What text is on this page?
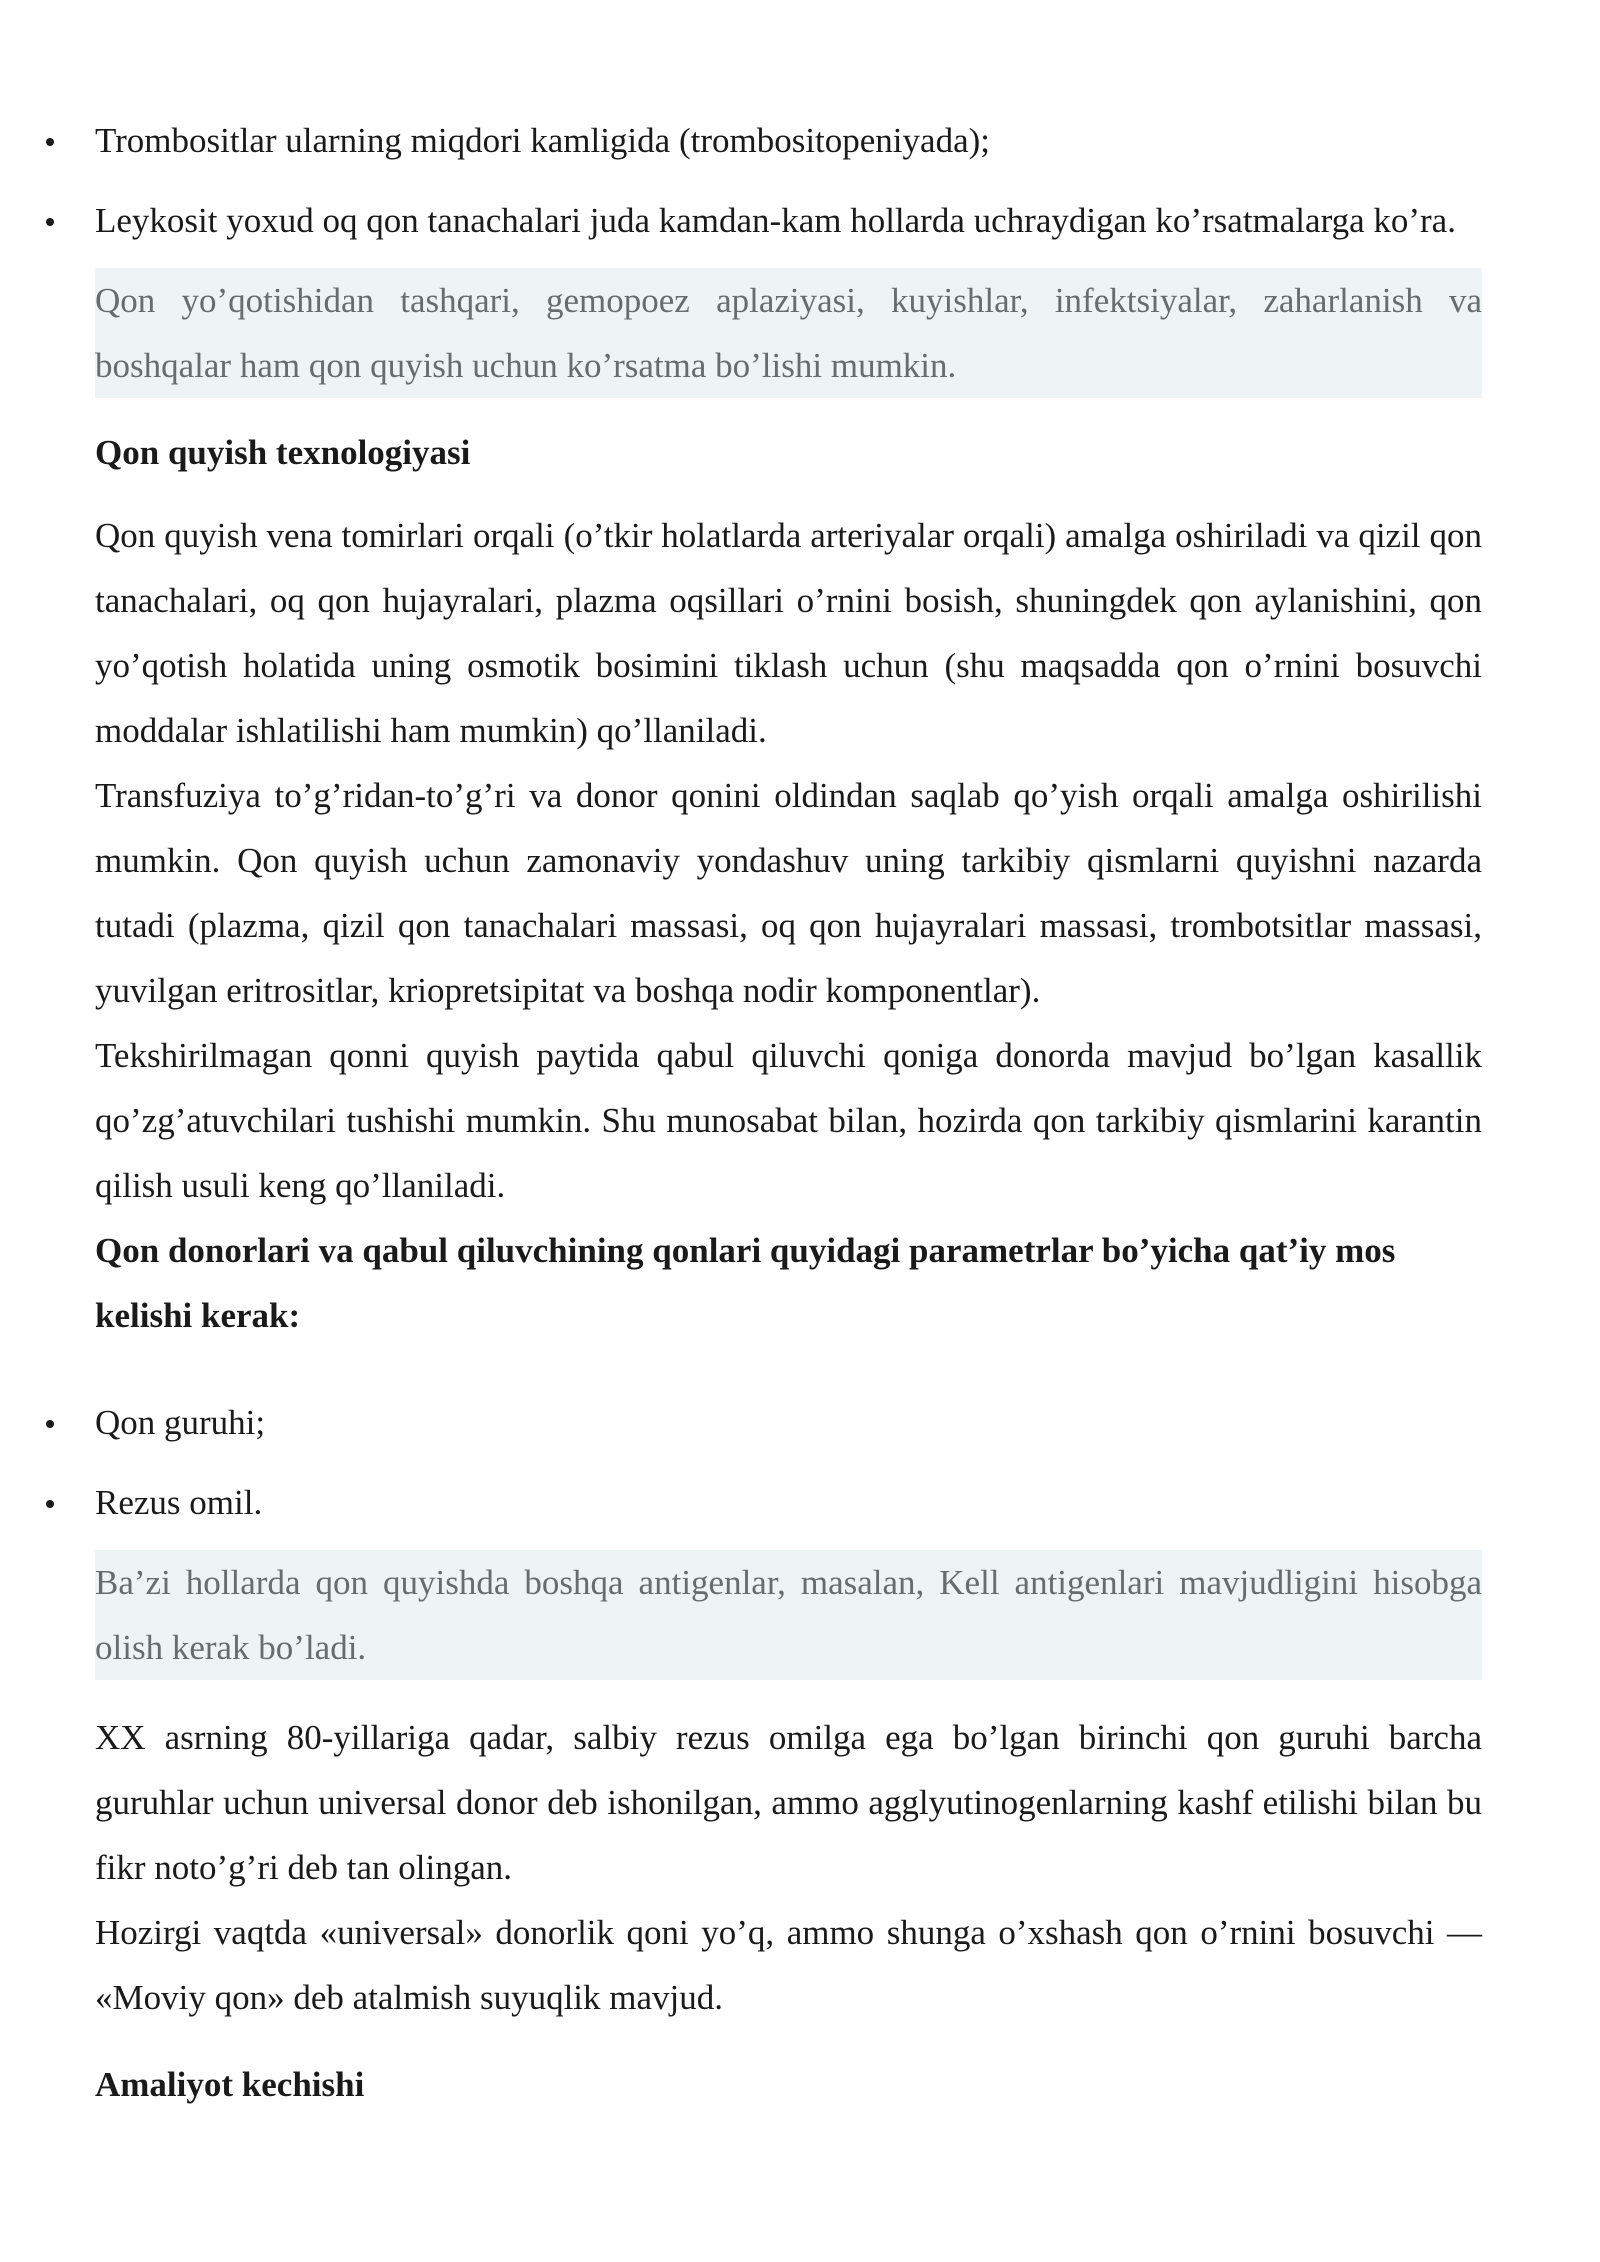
Trombositlar ularning miqdori kamligida (trombositopeniyada);
Leykosit yoxud oq qon tanachalari juda kamdan-kam hollarda uchraydigan ko’rsatmalarga ko’ra.

Qon yo’qotishidan tashqari, gemopoez aplaziyasi, kuyishlar, infektsiyalar, zaharlanish va boshqalar ham qon quyish uchun ko’rsatma bo’lishi mumkin.

Qon quyish texnologiyasi

Qon quyish vena tomirlari orqali (o’tkir holatlarda arteriyalar orqali) amalga oshiriladi va qizil qon tanachalari, oq qon hujayralari, plazma oqsillari o’rnini bosish, shuningdek qon aylanishini, qon yo’qotish holatida uning osmotik bosimini tiklash uchun (shu maqsadda qon o’rnini bosuvchi moddalar ishlatilishi ham mumkin) qo’llaniladi.

Transfuziya to’g’ridan-to’g’ri va donor qonini oldindan saqlab qo’yish orqali amalga oshirilishi mumkin. Qon quyish uchun zamonaviy yondashuv uning tarkibiy qismlarni quyishni nazarda tutadi (plazma, qizil qon tanachalari massasi, oq qon hujayralari massasi, trombotsitlar massasi, yuvilgan eritrositlar, kriopretsipitat va boshqa nodir komponentlar).

Tekshirilmagan qonni quyish paytida qabul qiluvchi qoniga donorda mavjud bo’lgan kasallik qo’zg’atuvchilari tushishi mumkin. Shu munosabat bilan, hozirda qon tarkibiy qismlarini karantin qilish usuli keng qo’llaniladi.

Qon donorlari va qabul qiluvchining qonlari quyidagi parametrlar bo’yicha qat’iy mos kelishi kerak:
Qon guruhi;
Rezus omil.

Ba’zi hollarda qon quyishda boshqa antigenlar, masalan, Kell antigenlari mavjudligini hisobga olish kerak bo’ladi.

XX asrning 80-yillariga qadar, salbiy rezus omilga ega bo’lgan birinchi qon guruhi barcha guruhlar uchun universal donor deb ishonilgan, ammo agglyutinogenlarning kashf etilishi bilan bu fikr noto’g’ri deb tan olingan.

Hozirgi vaqtda «universal» donorlik qoni yo’q, ammo shunga o’xshash qon o’rnini bosuvchi — «Moviy qon» deb atalmish suyuqlik mavjud.

Amaliyot kechishi
